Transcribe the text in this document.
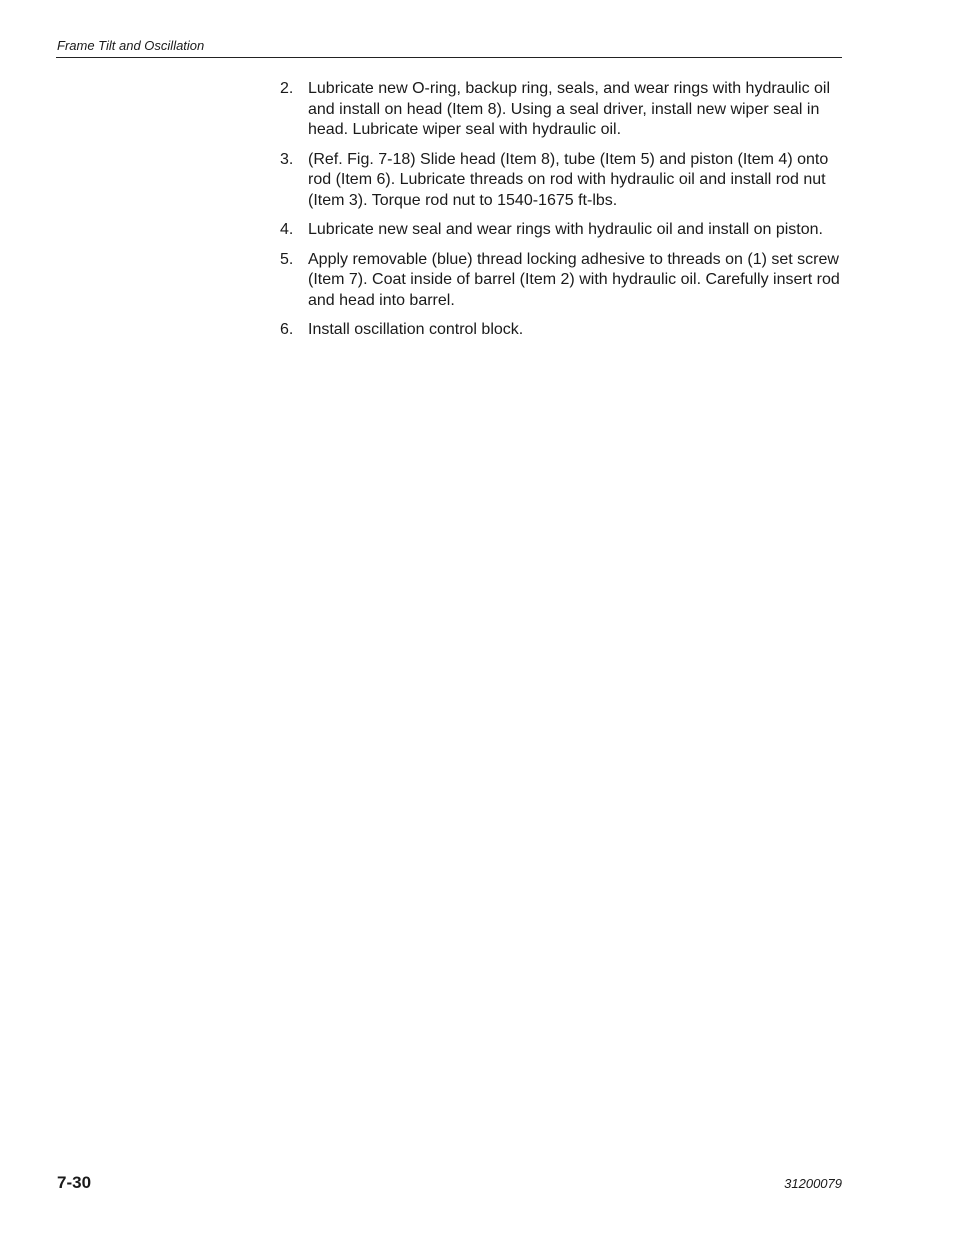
Frame Tilt and Oscillation
2. Lubricate new O-ring, backup ring, seals, and wear rings with hydraulic oil and install on head (Item 8). Using a seal driver, install new wiper seal in head. Lubricate wiper seal with hydraulic oil.
3. (Ref. Fig. 7-18) Slide head (Item 8), tube (Item 5) and piston (Item 4) onto rod (Item 6). Lubricate threads on rod with hydraulic oil and install rod nut (Item 3). Torque rod nut to 1540-1675 ft-lbs.
4. Lubricate new seal and wear rings with hydraulic oil and install on piston.
5. Apply removable (blue) thread locking adhesive to threads on (1) set screw (Item 7). Coat inside of barrel (Item 2) with hydraulic oil. Carefully insert rod and head into barrel.
6. Install oscillation control block.
7-30	31200079
